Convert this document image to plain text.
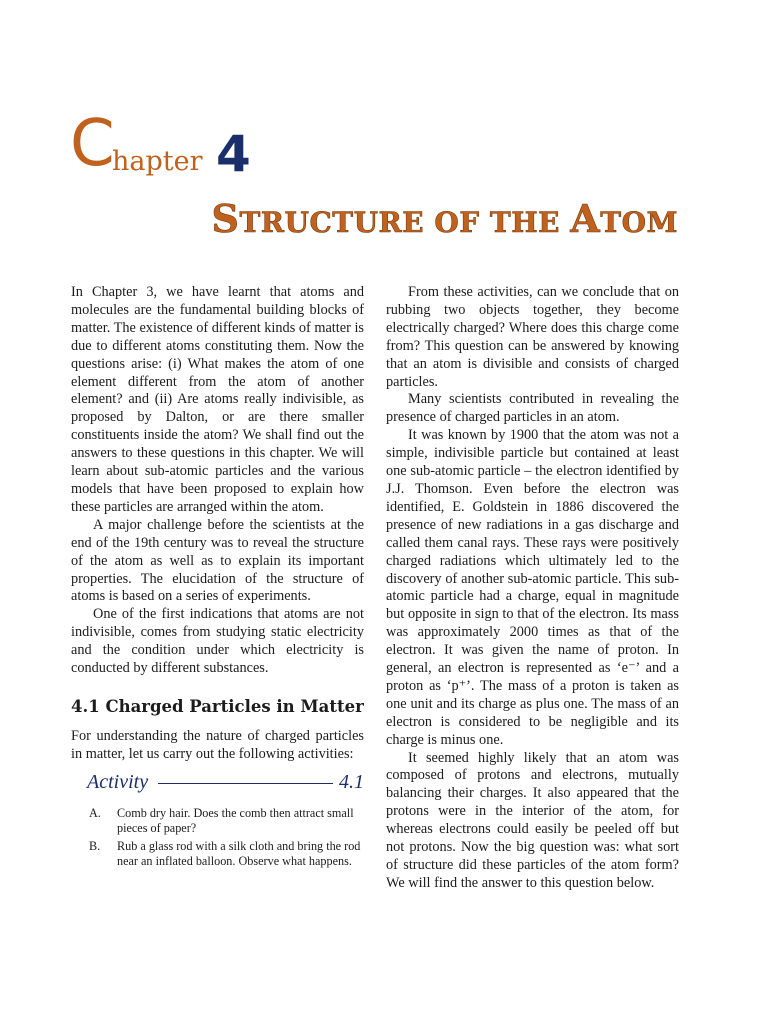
C
hapter 4
STRUCTURE OF THE ATOM

In Chapter 3, we have learnt that atoms and molecules are the fundamental building blocks of matter. The existence of different kinds of matter is due to different atoms constituting them. Now the questions arise: (i) What makes the atom of one element different from the atom of another element? and (ii) Are atoms really indivisible, as proposed by Dalton, or are there smaller constituents inside the atom? We shall find out the answers to these questions in this chapter. We will learn about sub-atomic particles and the various models that have been proposed to explain how these particles are arranged within the atom.

A major challenge before the scientists at the end of the 19th century was to reveal the structure of the atom as well as to explain its important properties. The elucidation of the structure of atoms is based on a series of experiments.

One of the first indications that atoms are not indivisible, comes from studying static electricity and the condition under which electricity is conducted by different substances.

4.1 Charged Particles in Matter

For understanding the nature of charged particles in matter, let us carry out the following activities:

Activity	4.1
A.	Comb dry hair. Does the comb then attract small pieces of paper?
B.	Rub a glass rod with a silk cloth and bring the rod near an inflated balloon. Observe what happens.

From these activities, can we conclude that on rubbing two objects together, they become electrically charged? Where does this charge come from? This question can be answered by knowing that an atom is divisible and consists of charged particles.

Many scientists contributed in revealing the presence of charged particles in an atom.

It was known by 1900 that the atom was not a simple, indivisible particle but contained at least one sub-atomic particle – the electron identified by J.J. Thomson. Even before the electron was identified, E. Goldstein in 1886 discovered the presence of new radiations in a gas discharge and called them canal rays. These rays were positively charged radiations which ultimately led to the discovery of another sub-atomic particle. This sub-atomic particle had a charge, equal in magnitude but opposite in sign to that of the electron. Its mass was approximately 2000 times as that of the electron. It was given the name of proton. In general, an electron is represented as ‘e⁻’ and a proton as ‘p⁺’. The mass of a proton is taken as one unit and its charge as plus one. The mass of an electron is considered to be negligible and its charge is minus one.

It seemed highly likely that an atom was composed of protons and electrons, mutually balancing their charges. It also appeared that the protons were in the interior of the atom, for whereas electrons could easily be peeled off but not protons. Now the big question was: what sort of structure did these particles of the atom form? We will find the answer to this question below.
